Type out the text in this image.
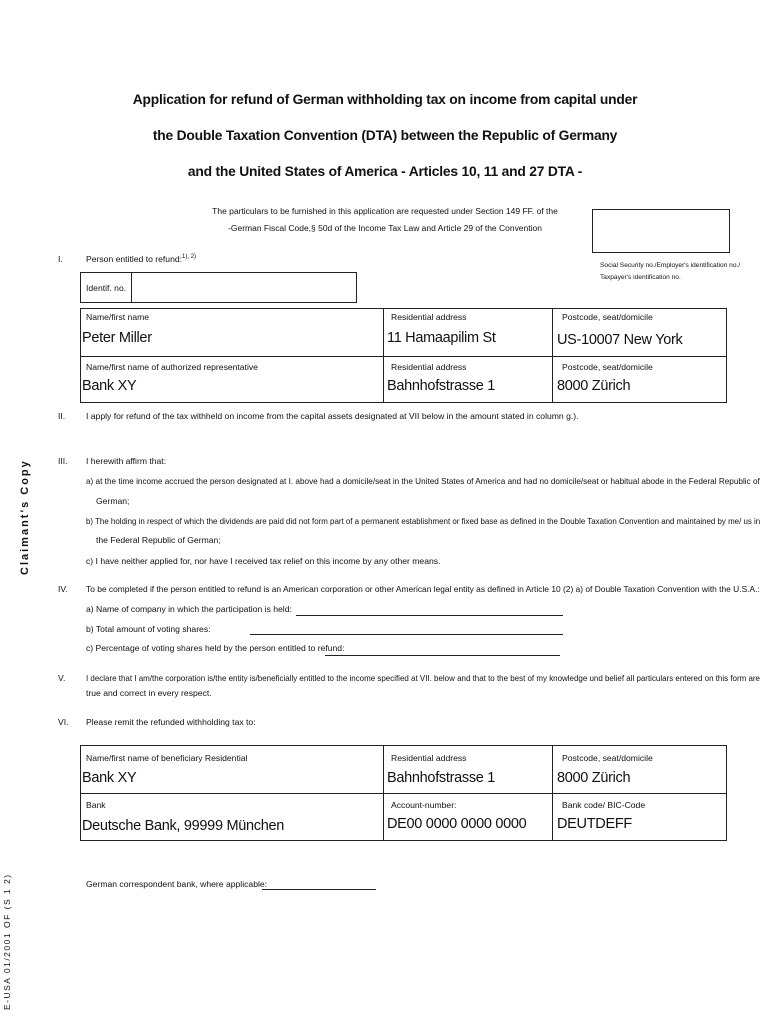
Application for refund of German withholding tax on income from capital under
the Double Taxation Convention (DTA) between the Republic of Germany
and the United States of America - Articles 10, 11 and 27 DTA -
The particulars to be furnished in this application are requested under Section 149 FF. of the
-German Fiscal Code,§ 50d of the Income Tax Law and Article 29 of the Convention
Social Security no./Employer's identification no./
Taxpayer's identification no.
Claimant's Copy
E-USA 01/2001 OF (S 1 2)
I.	Person entitled to refund:$^{1), 2)}$
Identif. no.
Name/first name
Peter Miller
Residential address
11 Hamaapilim St
Postcode, seat/domicile
US-10007 New York
Name/first name of authorized representative
Bank XY
Residential address
Bahnhofstrasse 1
Postcode, seat/domicile
8000 Zürich
II. I apply for refund of the tax withheld on income from the capital assets designated at VII below in the amount stated in column g.).
III. I herewith affirm that:
a) at the time income accrued the person designated at I. above had a domicile/seat in the United States of America and had no domicile/seat or habitual abode in the Federal Republic of
German;
b) The holding in respect of which the dividends are paid did not form part of a permanent establishment or fixed base as defined in the Double Taxation Convention and maintained by me/ us in
the Federal Republic of German;
c) I have neither applied for, nor have I received tax relief on this income by any other means.
IV. To be completed if the person entitled to refund is an American corporation or other American legal entity as defined in Article 10 (2) a) of Double Taxation Convention with the U.S.A.:
a) Name of company in which the participation is held:
b) Total amount of voting shares:
c) Percentage of voting shares held by the person entitled to refund:
V. I declare that I am/the corporation is/the entity is/beneficially entitled to the income specified at VII. below and that to the best of my knowledge und belief all particulars entered on this form are
true and correct in every respect.
VI. Please remit the refunded withholding tax to:
Name/first name of beneficiary Residential
Bank XY
Residential address
Bahnhofstrasse 1
Postcode, seat/domicile
8000 Zürich
Bank
Deutsche Bank, 99999 München
Account-number:
DE00 0000 0000 0000
Bank code/ BIC-Code
DEUTDEFF
German correspondent bank, where applicable:
